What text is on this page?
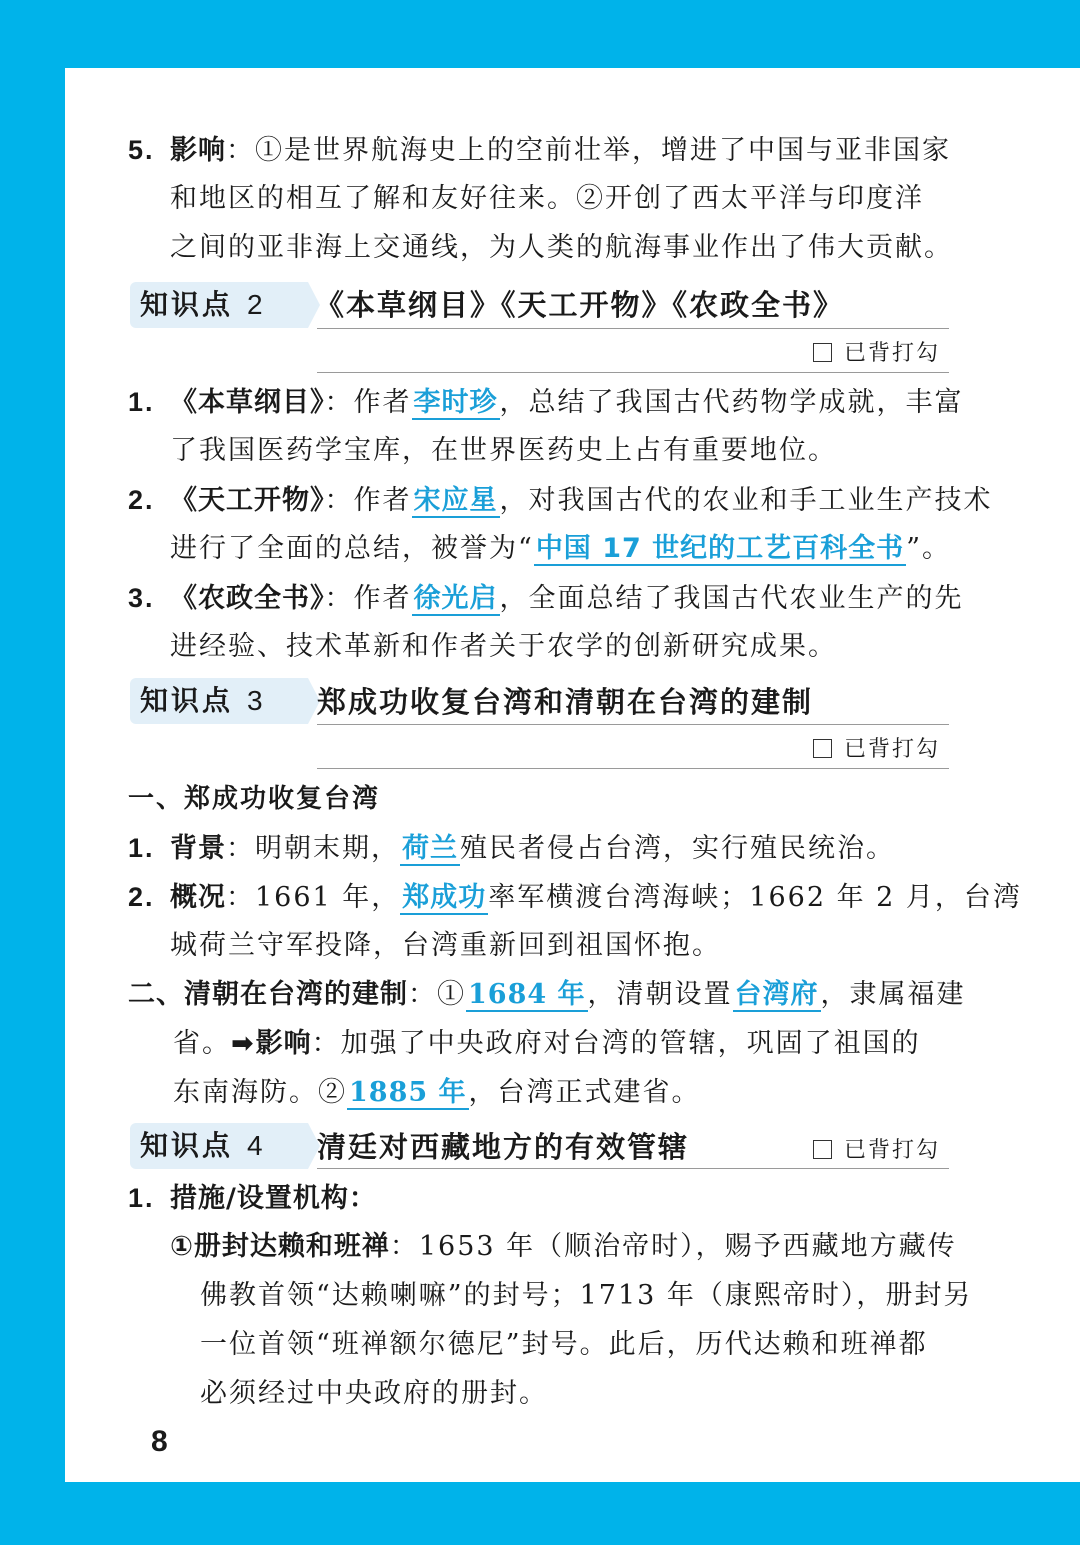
5. 影响：①是世界航海史上的空前壮举，增进了中国与亚非国家
和地区的相互了解和友好往来。②开创了西太平洋与印度洋
之间的亚非海上交通线，为人类的航海事业作出了伟大贡献。
知识点 2	《本草纲目》《天工开物》《农政全书》
已背打勾
1. 《本草纲目》：作者李时珍，总结了我国古代药物学成就，丰富
了我国医药学宝库，在世界医药史上占有重要地位。
2. 《天工开物》：作者宋应星，对我国古代的农业和手工业生产技术
进行了全面的总结，被誉为“中国 17 世纪的工艺百科全书”。
3. 《农政全书》：作者徐光启，全面总结了我国古代农业生产的先
进经验、技术革新和作者关于农学的创新研究成果。
知识点 3	郑成功收复台湾和清朝在台湾的建制
已背打勾
一、郑成功收复台湾
1. 背景：明朝末期，荷兰殖民者侵占台湾，实行殖民统治。
2. 概况：1661 年，郑成功率军横渡台湾海峡；1662 年 2 月，台湾
城荷兰守军投降，台湾重新回到祖国怀抱。
二、清朝在台湾的建制：①1684 年，清朝设置台湾府，隶属福建
省。➡影响：加强了中央政府对台湾的管辖，巩固了祖国的
东南海防。②1885 年，台湾正式建省。
知识点 4	清廷对西藏地方的有效管辖	已背打勾
1. 措施/设置机构：
①册封达赖和班禅：1653 年（顺治帝时），赐予西藏地方藏传
佛教首领“达赖喇嘛”的封号；1713 年（康熙帝时），册封另
一位首领“班禅额尔德尼”封号。此后，历代达赖和班禅都
必须经过中央政府的册封。
8
